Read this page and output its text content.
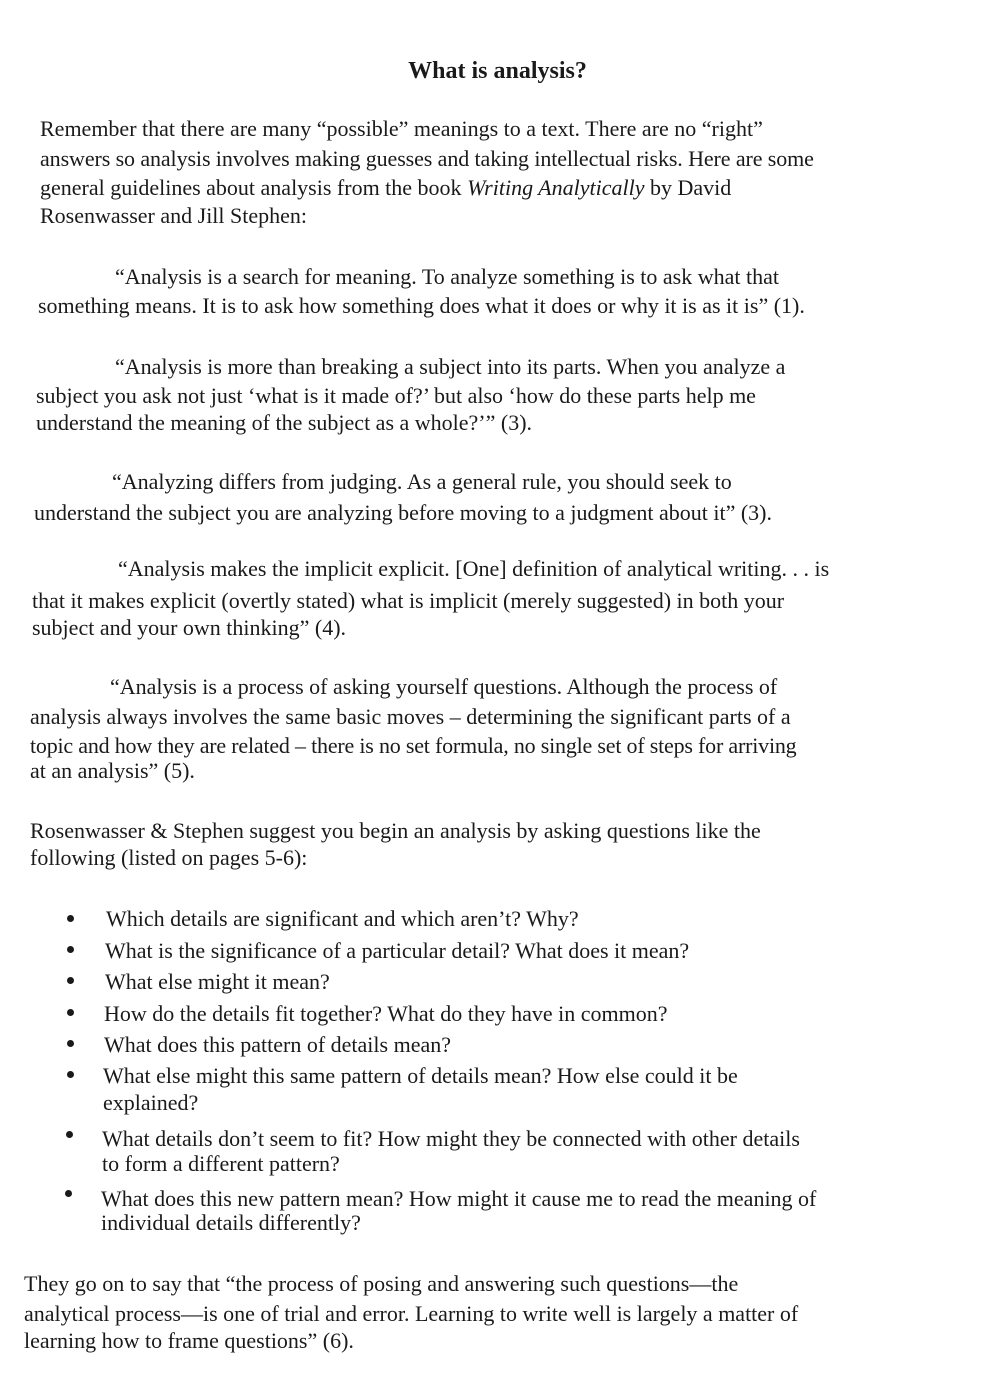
What is analysis?
Remember that there are many “possible” meanings to a text. There are no “right”
answers so analysis involves making guesses and taking intellectual risks. Here are some
general guidelines about analysis from the book Writing Analytically by David
Rosenwasser and Jill Stephen:
“Analysis is a search for meaning. To analyze something is to ask what that
something means. It is to ask how something does what it does or why it is as it is” (1).
“Analysis is more than breaking a subject into its parts. When you analyze a
subject you ask not just ‘what is it made of?’ but also ‘how do these parts help me
understand the meaning of the subject as a whole?’” (3).
“Analyzing differs from judging. As a general rule, you should seek to
understand the subject you are analyzing before moving to a judgment about it” (3).
“Analysis makes the implicit explicit. [One] definition of analytical writing. . . is
that it makes explicit (overtly stated) what is implicit (merely suggested) in both your
subject and your own thinking” (4).
“Analysis is a process of asking yourself questions. Although the process of
analysis always involves the same basic moves – determining the significant parts of a
topic and how they are related – there is no set formula, no single set of steps for arriving
at an analysis” (5).
Rosenwasser & Stephen suggest you begin an analysis by asking questions like the
following (listed on pages 5-6):
Which details are significant and which aren’t? Why?
What is the significance of a particular detail? What does it mean?
What else might it mean?
How do the details fit together? What do they have in common?
What does this pattern of details mean?
What else might this same pattern of details mean? How else could it be
explained?
What details don’t seem to fit? How might they be connected with other details
to form a different pattern?
What does this new pattern mean? How might it cause me to read the meaning of
individual details differently?
They go on to say that “the process of posing and answering such questions—the
analytical process—is one of trial and error. Learning to write well is largely a matter of
learning how to frame questions” (6).
